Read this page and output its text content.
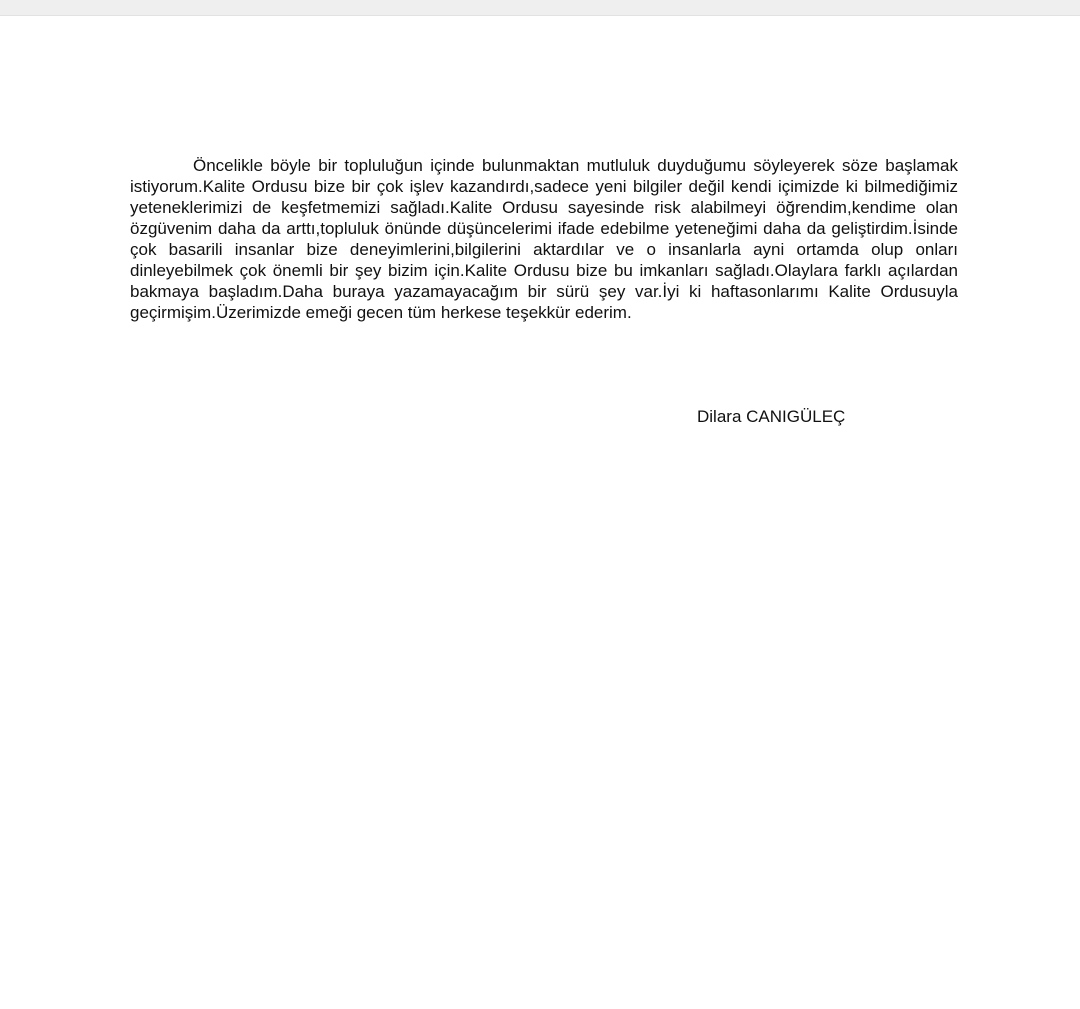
Öncelikle böyle bir topluluğun içinde bulunmaktan mutluluk duyduğumu söyleyerek söze başlamak istiyorum.Kalite Ordusu bize bir çok işlev kazandırdı,sadece yeni bilgiler değil kendi içimizde ki bilmediğimiz yeteneklerimizi de keşfetmemizi sağladı.Kalite Ordusu sayesinde risk alabilmeyi öğrendim,kendime olan özgüvenim daha da arttı,topluluk önünde düşüncelerimi ifade edebilme yeteneğimi daha da geliştirdim.İsinde çok basarili insanlar bize deneyimlerini,bilgilerini aktardılar ve o insanlarla ayni ortamda olup onları dinleyebilmek çok önemli bir şey bizim için.Kalite Ordusu bize bu imkanları sağladı.Olaylara farklı açılardan bakmaya başladım.Daha buraya yazamayacağım bir sürü şey var.İyi ki haftasonlarımı Kalite Ordusuyla geçirmişim.Üzerimizde emeği gecen tüm herkese teşekkür ederim.

Dilara CANIGÜLEÇ
